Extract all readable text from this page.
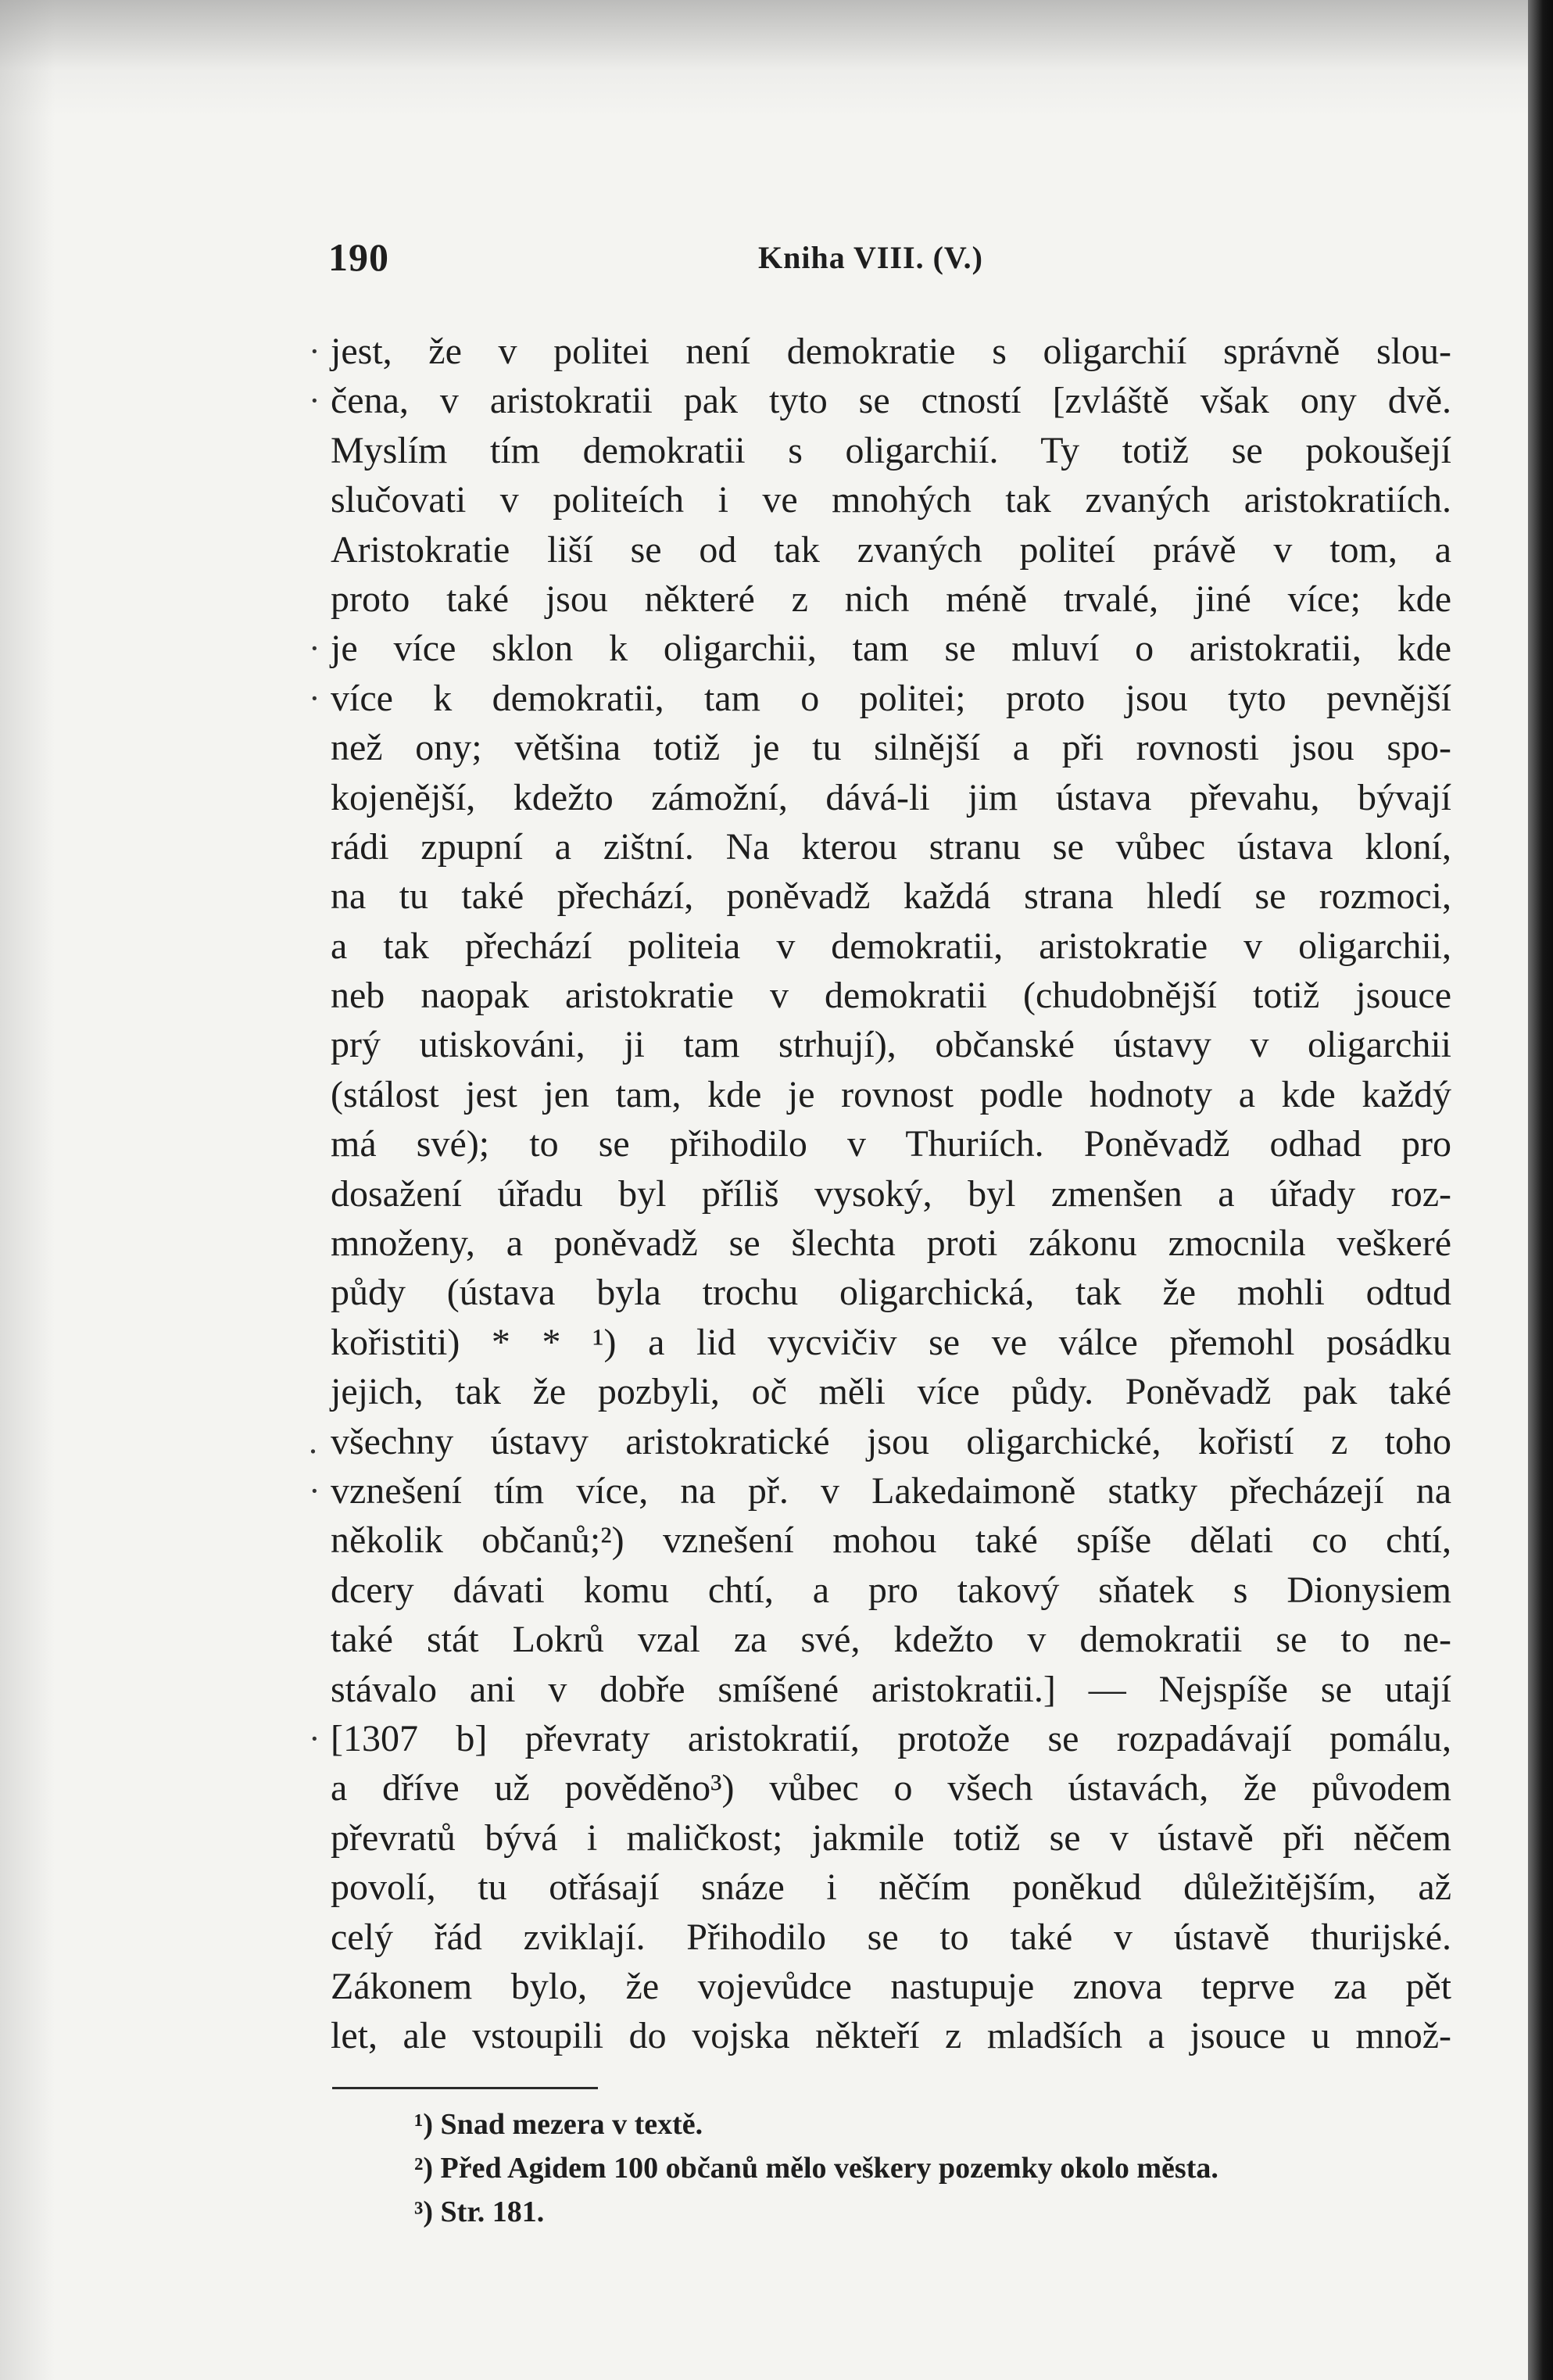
190	Kniha VIII. (V.)
jest, že v politei není demokratie s oligarchií správně slou-
·
čena, v aristokratii pak tyto se ctností [zvláště však ony dvě.
·
Myslím tím demokratii s oligarchií. Ty totiž se pokoušejí
slučovati v politeích i ve mnohých tak zvaných aristokratiích.
Aristokratie liší se od tak zvaných politeí právě v tom, a
proto také jsou některé z nich méně trvalé, jiné více; kde
je více sklon k oligarchii, tam se mluví o aristokratii, kde
·
více k demokratii, tam o politei; proto jsou tyto pevnější
·
než ony; většina totiž je tu silnější a při rovnosti jsou spo-
kojenější, kdežto zámožní, dává-li jim ústava převahu, bývají
rádi zpupní a zištní. Na kterou stranu se vůbec ústava kloní,
na tu také přechází, poněvadž každá strana hledí se rozmoci,
a tak přechází politeia v demokratii, aristokratie v oligarchii,
neb naopak aristokratie v demokratii (chudobnější totiž jsouce
prý utiskováni, ji tam strhují), občanské ústavy v oligarchii
(stálost jest jen tam, kde je rovnost podle hodnoty a kde každý
má své); to se přihodilo v Thuriích. Poněvadž odhad pro
dosažení úřadu byl příliš vysoký, byl zmenšen a úřady roz-
množeny, a poněvadž se šlechta proti zákonu zmocnila veškeré
půdy (ústava byla trochu oligarchická, tak že mohli odtud
kořistiti) * * ¹) a lid vycvičiv se ve válce přemohl posádku
jejich, tak že pozbyli, oč měli více půdy. Poněvadž pak také
všechny ústavy aristokratické jsou oligarchické, kořistí z toho
.
vznešení tím více, na př. v Lakedaimoně statky přecházejí na
·
několik občanů;²) vznešení mohou také spíše dělati co chtí,
dcery dávati komu chtí, a pro takový sňatek s Dionysiem
také stát Lokrů vzal za své, kdežto v demokratii se to ne-
stávalo ani v dobře smíšené aristokratii.] — Nejspíše se utají
[1307 b] převraty aristokratií, protože se rozpadávají pomálu,
·
a dříve už pověděno³) vůbec o všech ústavách, že původem
převratů bývá i maličkost; jakmile totiž se v ústavě při něčem
povolí, tu otřásají snáze i něčím poněkud důležitějším, až
celý řád zviklají. Přihodilo se to také v ústavě thurijské.
Zákonem bylo, že vojevůdce nastupuje znova teprve za pět
let, ale vstoupili do vojska někteří z mladších a jsouce u množ-
¹) Snad mezera v textě.
²) Před Agidem 100 občanů mělo veškery pozemky okolo města.
³) Str. 181.
